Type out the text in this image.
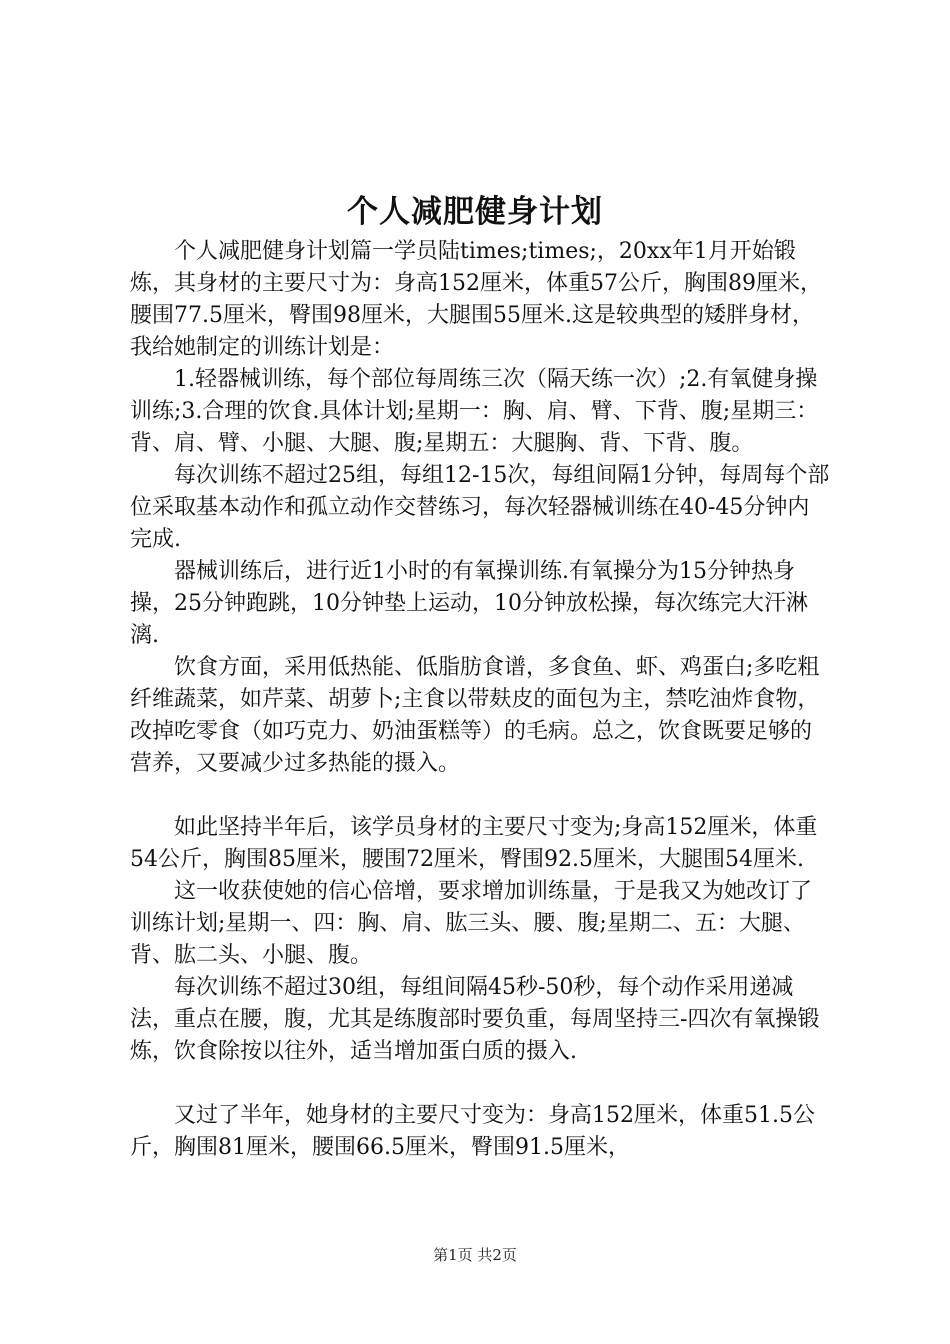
个人减肥健身计划

个人减肥健身计划篇一学员陆times;times;，20xx年1月开始锻炼，其身材的主要尺寸为：身高152厘米，体重57公斤，胸围89厘米，腰围77.5厘米，臀围98厘米，大腿围55厘米.这是较典型的矮胖身材，我给她制定的训练计划是：

1.轻器械训练，每个部位每周练三次（隔天练一次）;2.有氧健身操训练;3.合理的饮食.具体计划;星期一：胸、肩、臂、下背、腹;星期三：背、肩、臂、小腿、大腿、腹;星期五：大腿胸、背、下背、腹。

每次训练不超过25组，每组12-15次，每组间隔1分钟，每周每个部位采取基本动作和孤立动作交替练习，每次轻器械训练在40-45分钟内完成.

器械训练后，进行近1小时的有氧操训练.有氧操分为15分钟热身操，25分钟跑跳，10分钟垫上运动，10分钟放松操，每次练完大汗淋漓.

饮食方面，采用低热能、低脂肪食谱，多食鱼、虾、鸡蛋白;多吃粗纤维蔬菜，如芹菜、胡萝卜;主食以带麸皮的面包为主，禁吃油炸食物，改掉吃零食（如巧克力、奶油蛋糕等）的毛病。总之，饮食既要足够的营养，又要减少过多热能的摄入。

如此坚持半年后，该学员身材的主要尺寸变为;身高152厘米，体重54公斤，胸围85厘米，腰围72厘米，臀围92.5厘米，大腿围54厘米.

这一收获使她的信心倍增，要求增加训练量，于是我又为她改订了训练计划;星期一、四：胸、肩、肱三头、腰、腹;星期二、五：大腿、背、肱二头、小腿、腹。

每次训练不超过30组，每组间隔45秒-50秒，每个动作采用递减法，重点在腰，腹，尤其是练腹部时要负重，每周坚持三-四次有氧操锻炼，饮食除按以往外，适当增加蛋白质的摄入.

又过了半年，她身材的主要尺寸变为：身高152厘米，体重51.5公斤，胸围81厘米，腰围66.5厘米，臀围91.5厘米，

第1页 共2页
